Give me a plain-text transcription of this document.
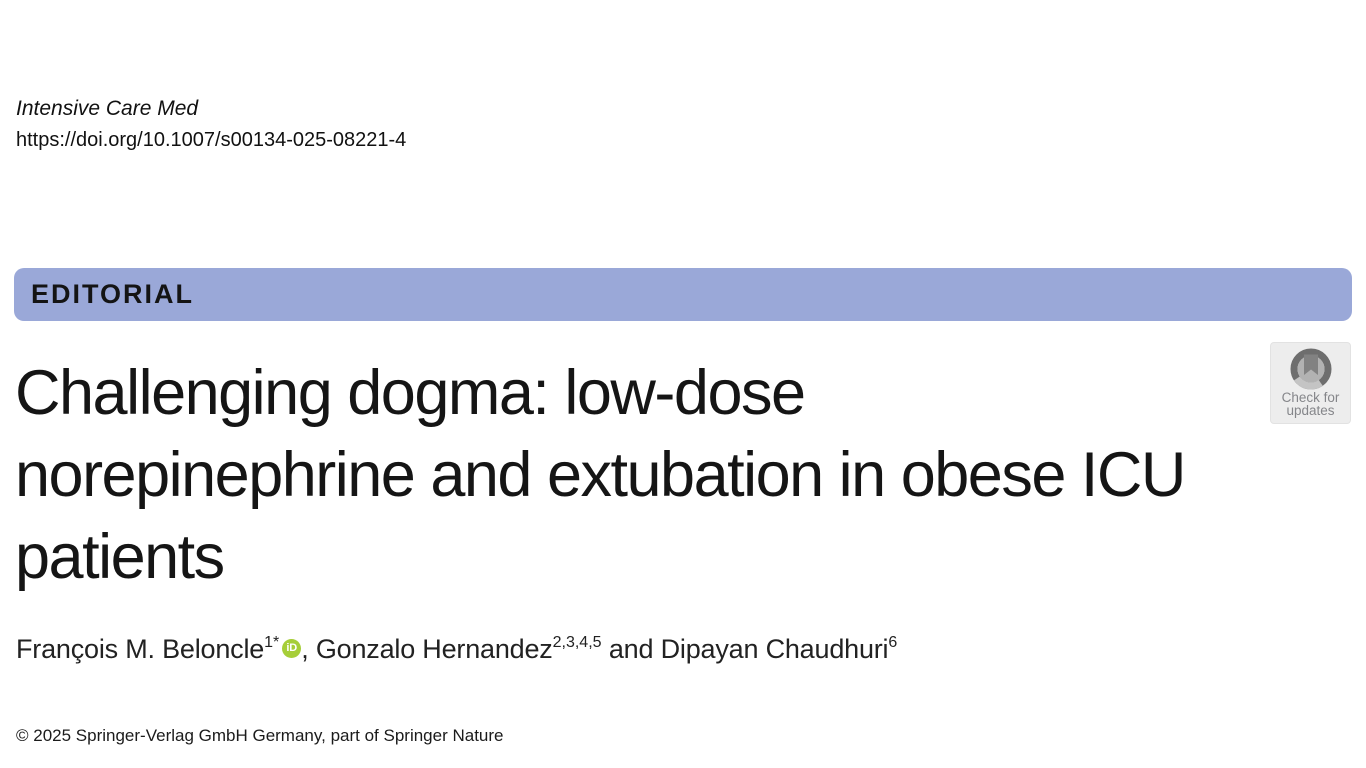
Intensive Care Med
https://doi.org/10.1007/s00134-025-08221-4
EDITORIAL
Check for
updates
Challenging dogma: low-dose
norepinephrine and extubation in obese ICU
patients
François M. Beloncle$^{1*}$ iD , Gonzalo Hernandez$^{2,3,4,5}$ and Dipayan Chaudhuri$^6$
© 2025 Springer-Verlag GmbH Germany, part of Springer Nature
